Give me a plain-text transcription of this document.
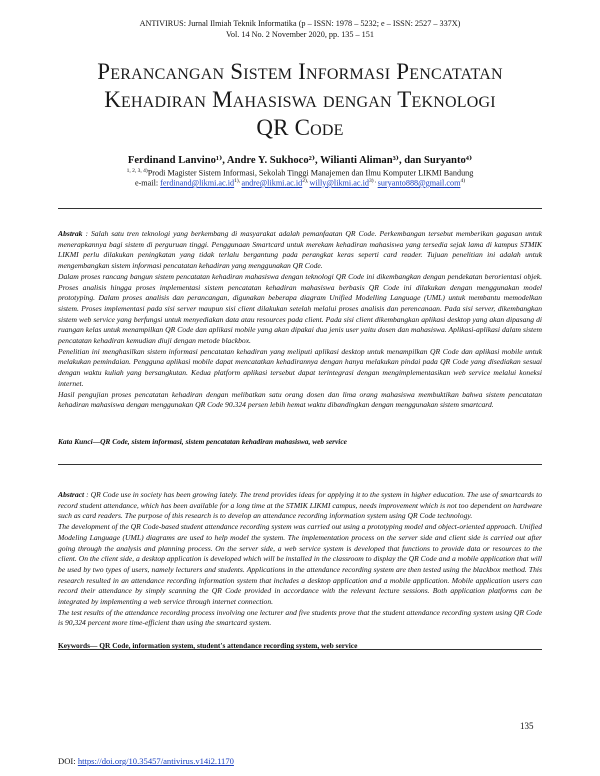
ANTIVIRUS: Jurnal Ilmiah Teknik Informatika (p – ISSN: 1978 – 5232; e – ISSN: 2527 – 337X)
Vol. 14 No. 2 November 2020, pp. 135 – 151
Perancangan Sistem Informasi Pencatatan
Kehadiran Mahasiswa dengan Teknologi
QR Code
Ferdinand Lanvino¹⁾, Andre Y. Sukhoco²⁾, Wilianti Aliman³⁾, dan Suryanto⁴⁾
$^{1, 2, 3, 4)}$Prodi Magister Sistem Informasi, Sekolah Tinggi Manajemen dan Ilmu Komputer LIKMI Bandung
e-mail: $ferdinand@likmi.ac.id^{1),}$ $andre@likmi.ac.id^{2),}$ $willy@likmi.ac.id^{3) ,}$ suryanto888@gmail.com$^{4)}$

Abstrak : Salah satu tren teknologi yang berkembang di masyarakat adalah pemanfaatan QR Code. Perkembangan tersebut memberikan gagasan untuk menerapkannya bagi sistem di perguruan tinggi. Penggunaan Smartcard untuk merekam kehadiran mahasiswa yang tersedia sejak lama di kampus STMIK LIKMI perlu dilakukan peningkatan yang tidak terlalu bergantung pada perangkat keras seperti card reader. Tujuan penelitian ini adalah untuk mengembangkan sistem informasi pencatatan kehadiran yang menggunakan QR Code.

Dalam proses rancang bangun sistem pencatatan kehadiran mahasiswa dengan teknologi QR Code ini dikembangkan dengan pendekatan berorientasi objek. Proses analisis hingga proses implementasi sistem pencatatan kehadiran mahasiswa berbasis QR Code ini dilakukan dengan menggunakan model prototyping. Dalam proses analisis dan perancangan, digunakan beberapa diagram Unified Modelling Language (UML) untuk membantu memodelkan sistem. Proses implementasi pada sisi server maupun sisi client dilakukan setelah melalui proses analisis dan perencanaan. Pada sisi server, dikembangkan sistem web service yang berfungsi untuk menyediakan data atau resources pada client. Pada sisi client dikembangkan aplikasi desktop yang akan dipasang di ruangan kelas untuk menampilkan QR Code dan aplikasi mobile yang akan dipakai dua jenis user yaitu dosen dan mahasiswa. Aplikasi-aplikasi dalam sistem pencatatan kehadiran kemudian diuji dengan metode blackbox.

Penelitian ini menghasilkan sistem informasi pencatatan kehadiran yang meliputi aplikasi desktop untuk menampilkan QR Code dan aplikasi mobile untuk melakukan pemindaian. Pengguna aplikasi mobile dapat mencatatkan kehadirannya dengan hanya melakukan pindai pada QR Code yang disediakan sesuai dengan waktu kuliah yang bersangkutan. Kedua platform aplikasi tersebut dapat terintegrasi dengan mengimplementasikan web service melalui koneksi internet.

Hasil pengujian proses pencatatan kehadiran dengan melibatkan satu orang dosen dan lima orang mahasiswa membuktikan bahwa sistem pencatatan kehadiran mahasiswa dengan menggunakan QR Code 90.324 persen lebih hemat waktu dibandingkan dengan menggunakan sistem smartcard.

Kata Kunci—QR Code, sistem informasi, sistem pencatatan kehadiran mahasiswa, web service

Abstract : QR Code use in society has been growing lately. The trend provides ideas for applying it to the system in higher education. The use of smartcards to record student attendance, which has been available for a long time at the STMIK LIKMI campus, needs improvement which is not too dependent on hardware such as card readers. The purpose of this research is to develop an attendance recording information system using QR Code technology.

The development of the QR Code-based student attendance recording system was carried out using a prototyping model and object-oriented approach. Unified Modeling Language (UML) diagrams are used to help model the system. The implementation process on the server side and client side is carried out after going through the analysis and planning process. On the server side, a web service system is developed that functions to provide data or resources to the client. On the client side, a desktop application is developed which will be installed in the classroom to display the QR Code and a mobile application that will be used by two types of users, namely lecturers and students. Applications in the attendance recording system are then tested using the blackbox method. This research resulted in an attendance recording information system that includes a desktop application and a mobile application. Mobile application users can record their attendance by simply scanning the QR Code provided in accordance with the relevant lecture sessions. Both application platforms can be integrated by implementing a web service through internet connection.

The test results of the attendance recording process involving one lecturer and five students prove that the student attendance recording system using QR Code is 90,324 percent more time-efficient than using the smartcard system.

Keywords— QR Code, information system, student's attendance recording system, web service
135
DOI: https://doi.org/10.35457/antivirus.v14i2.1170
